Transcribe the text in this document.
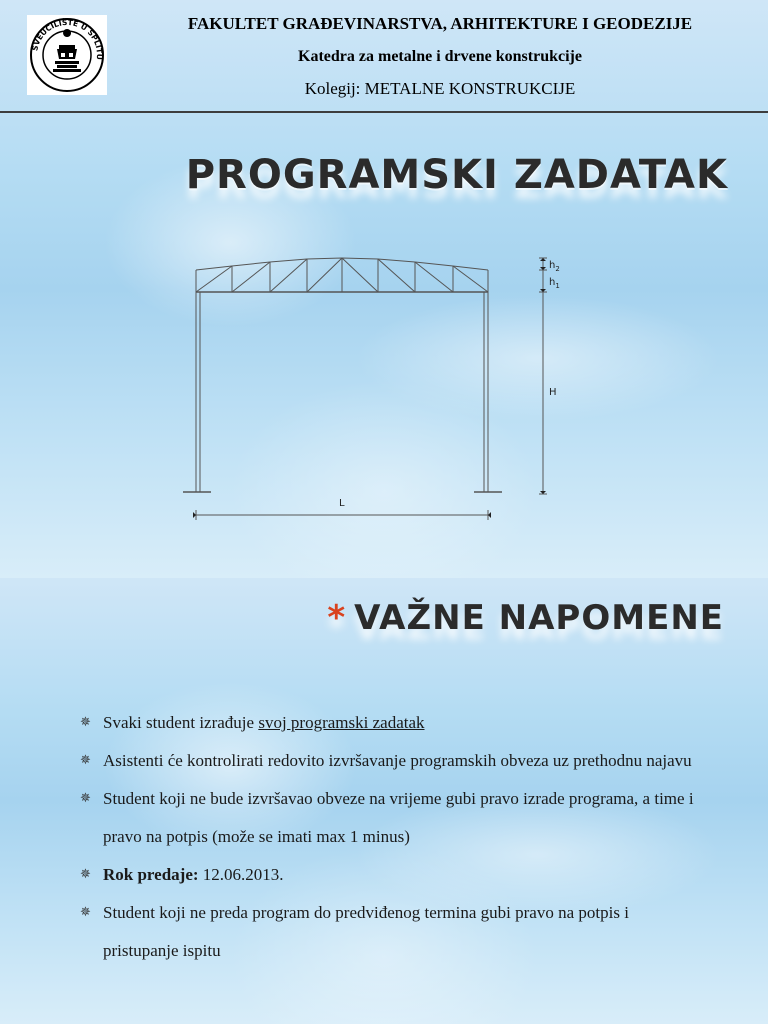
SVEUČILIŠTE U SPLITU
FAKULTET GRAĐEVINARSTVA, ARHITEKTURE I GEODEZIJE
Katedra za metalne i drvene konstrukcije
Kolegij: METALNE KONSTRUKCIJE
PROGRAMSKI ZADATAK
$h_2$
$h_1$
H
L
* VAŽNE NAPOMENE
✵ Svaki student izrađuje svoj programski zadatak
✵ Asistenti će kontrolirati redovito izvršavanje programskih obveza uz prethodnu najavu
✵ Student koji ne bude izvršavao obveze na vrijeme gubi pravo izrade programa, a time i pravo na potpis (može se imati max 1 minus)
✵ Rok predaje: 12.06.2013.
✵ Student koji ne preda program do predviđenog termina gubi pravo na potpis i pristupanje ispitu
